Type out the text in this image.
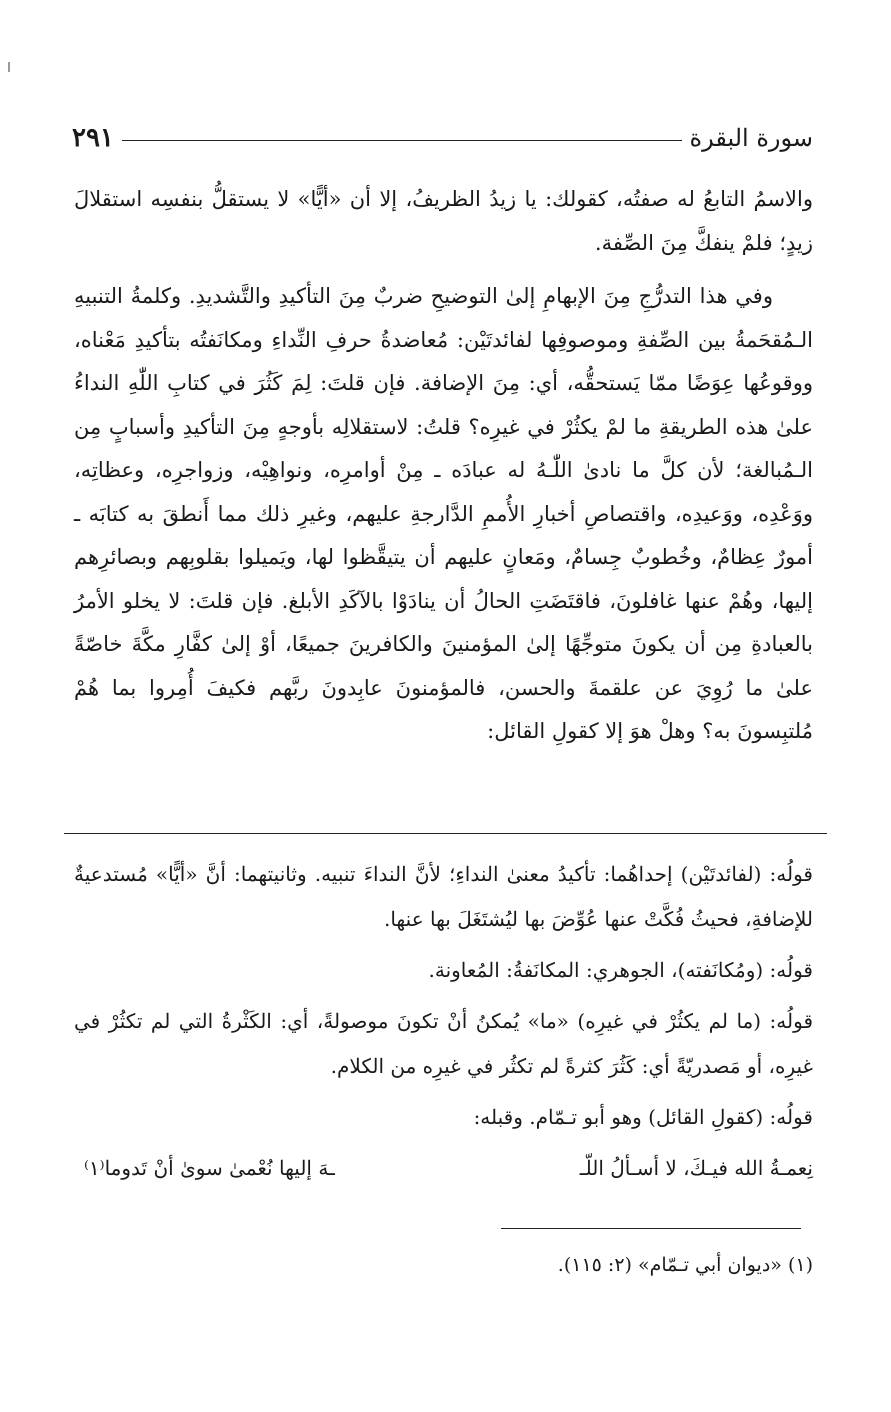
سورة البقرة
٢٩١

والاسمُ التابعُ له صفتُه، كقولك: يا زيدُ الظريفُ، إلا أن «أيًّا» لا يستقلُّ بنفسِه استقلالَ زيدٍ؛ فلمْ ينفكَّ مِنَ الصِّفة.

وفي هذا التدرُّجِ مِنَ الإبهامِ إلىٰ التوضيحِ ضربٌ مِنَ التأكيدِ والتَّشديدِ. وكلمةُ التنبيهِ الـمُقحَمةُ بين الصِّفةِ وموصوفِها لفائدتَيْن: مُعاضدةُ حرفِ النِّداءِ ومكانَفتُه بتأكيدِ مَعْناه، ووقوعُها عِوَضًا ممّا يَستحقُّه، أي: مِنَ الإضافة. فإن قلتَ: لِمَ كَثُرَ في كتابِ اللّٰهِ النداءُ علىٰ هذه الطريقةِ ما لمْ يكثُرْ في غيرِه؟ قلتُ: لاستقلالِه بأوجهٍ مِنَ التأكيدِ وأسبابٍ مِن الـمُبالغة؛ لأن كلَّ ما نادىٰ اللّٰـهُ له عبادَه ـ مِنْ أوامرِه، ونواهِيْه، وزواجرِه، وعظاتِه، ووَعْدِه، ووَعيدِه، واقتصاصِ أخبارِ الأُممِ الدَّارجةِ عليهم، وغيرِ ذلك مما أَنطقَ به كتابَه ـ أمورٌ عِظامٌ، وخُطوبٌ جِسامٌ، ومَعانٍ عليهم أن يتيقَّظوا لها، ويَميلوا بقلوبِهم وبصائرِهم إليها، وهُمْ عنها غافلونَ، فاقتَضَتِ الحالُ أن ينادَوْا بالآكَدِ الأبلغ. فإن قلتَ: لا يخلو الأمرُ بالعبادةِ مِن أن يكونَ متوجِّهًا إلىٰ المؤمنينَ والكافرينَ جميعًا، أوْ إلىٰ كفَّارِ مكَّةَ خاصّةً علىٰ ما رُوِيَ عن علقمةَ والحسن، فالمؤمنونَ عابِدونَ ربَّهم فكيفَ أُمِروا بما هُمْ مُلتبِسونَ به؟ وهلْ هوَ إلا كقولِ القائل:

قولُه: (لفائدتَيْن) إحداهُما: تأكيدُ معنىٰ النداءِ؛ لأنَّ النداءَ تنبيه. وثانيتهما: أنَّ «أيًّا» مُستدعيةٌ للإضافةِ، فحيثُ فُكَّتْ عنها عُوِّضَ بها ليُشتَغَلَ بها عنها.

قولُه: (ومُكانَفته)، الجوهري: المكانَفةُ: المُعاونة.

قولُه: (ما لم يكثُرْ في غيرِه) «ما» يُمكنُ أنْ تكونَ موصولةً، أي: الكَثْرةُ التي لم تكثُرْ في غيرِه، أو مَصدريّةً أي: كَثُرَ كثرةً لم تكثُر في غيرِه من الكلام.

قولُه: (كقولِ القائل) وهو أبو تـمّام. وقبله:

نِعمـةُ الله فيـكَ، لا أسـألُ اللّـ
ـهَ إليها نُعْمىٰ سوىٰ أنْ تَدوما⁽١⁾
(١) «ديوان أبي تـمّام» (٢: ١١٥).
